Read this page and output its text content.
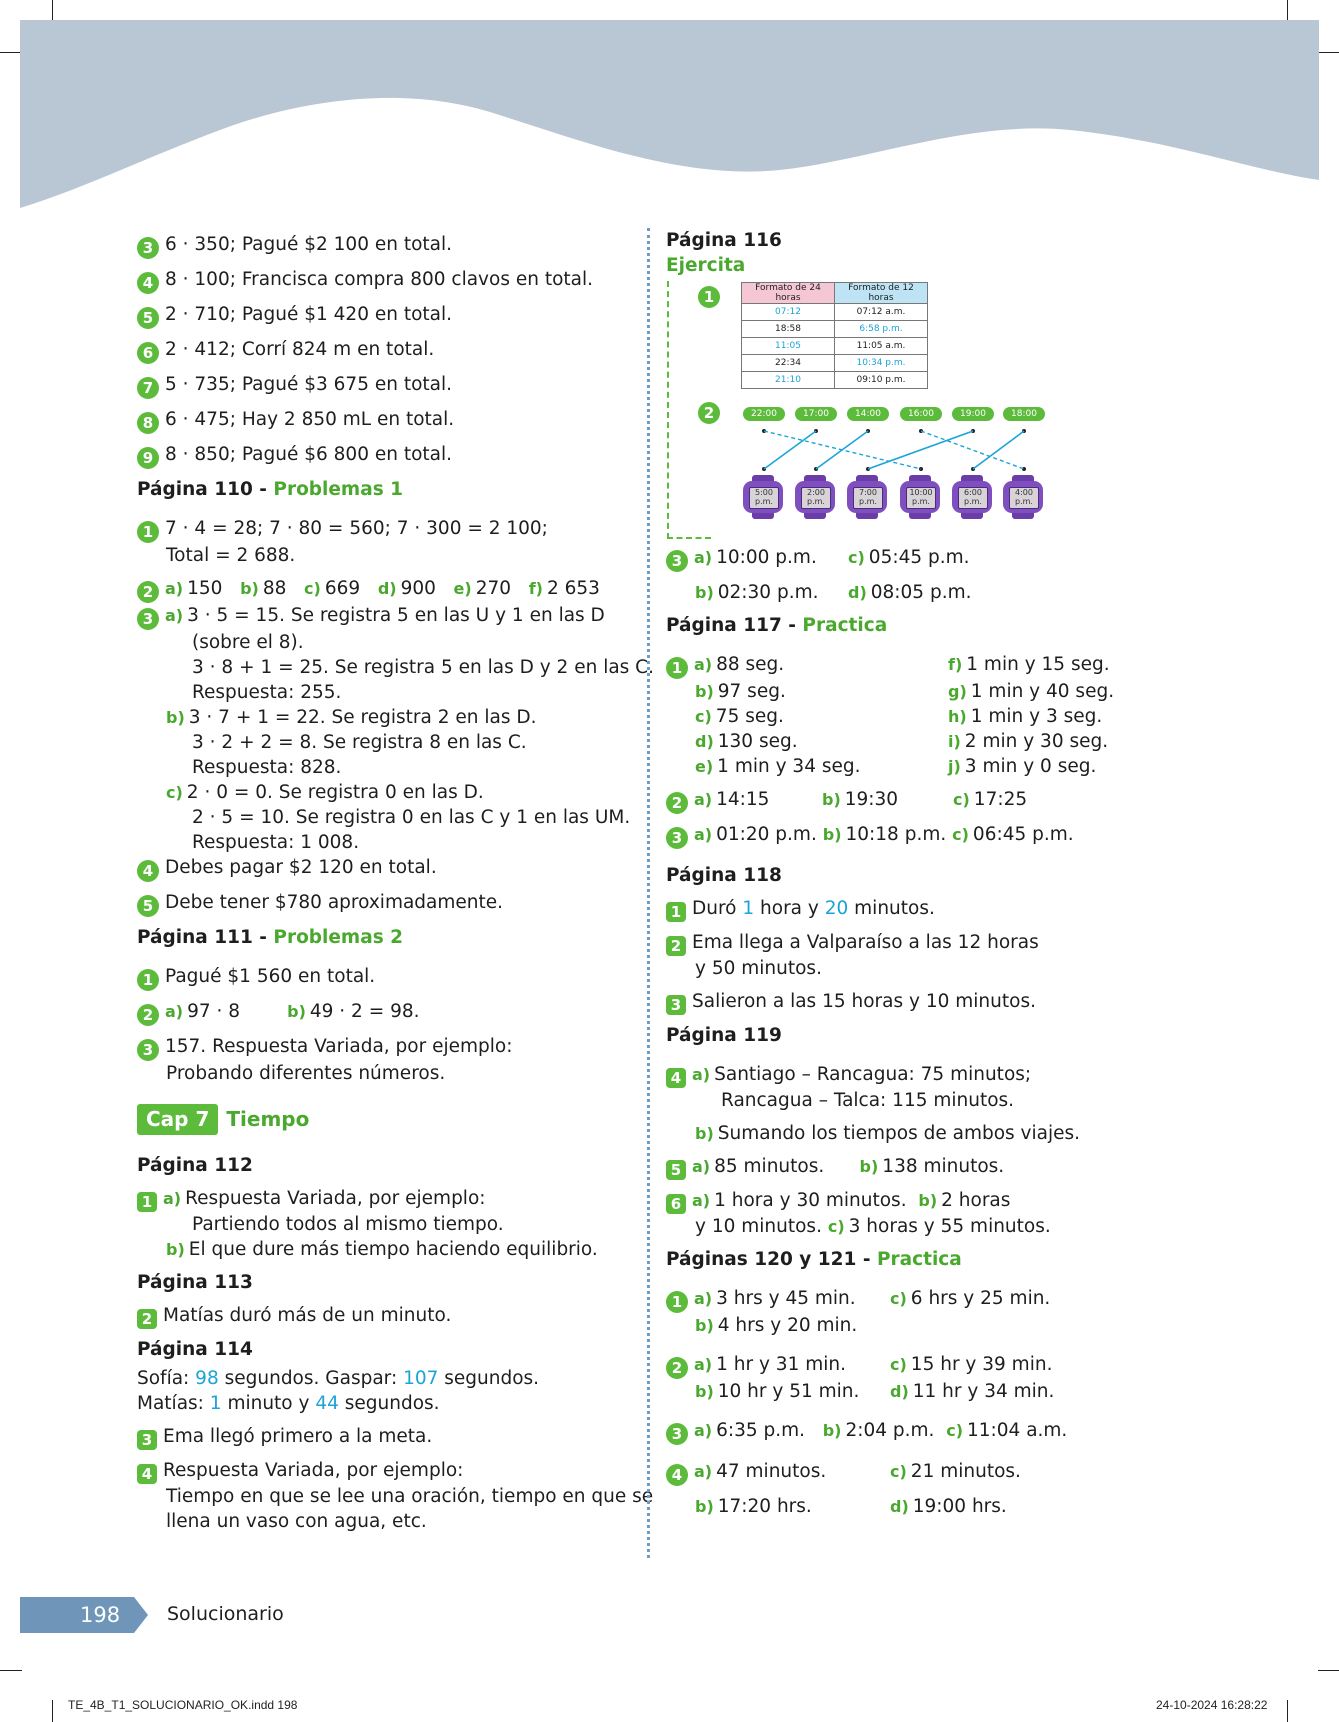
3 6 · 350; Pagué $2 100 en total.
4 8 · 100; Francisca compra 800 clavos en total.
5 2 · 710; Pagué $1 420 en total.
6 2 · 412; Corrí 824 m en total.
7 5 · 735; Pagué $3 675 en total.
8 6 · 475; Hay 2 850 mL en total.
9 8 · 850; Pagué $6 800 en total.
Página 110 - Problemas 1
1 7 · 4 = 28; 7 · 80 = 560; 7 · 300 = 2 100;
Total = 2 688.
2 a) 150 b) 88 c) 669 d) 900 e) 270 f) 2 653
3 a) 3 · 5 = 15. Se registra 5 en las U y 1 en las D
(sobre el 8).
3 · 8 + 1 = 25. Se registra 5 en las D y 2 en las C.
Respuesta: 255.
b) 3 · 7 + 1 = 22. Se registra 2 en las D.
3 · 2 + 2 = 8. Se registra 8 en las C.
Respuesta: 828.
c) 2 · 0 = 0. Se registra 0 en las D.
2 · 5 = 10. Se registra 0 en las C y 1 en las UM.
Respuesta: 1 008.
4 Debes pagar $2 120 en total.
5 Debe tener $780 aproximadamente.
Página 111 - Problemas 2
1 Pagué $1 560 en total.
2 a) 97 · 8	b) 49 · 2 = 98.
3 157. Respuesta Variada, por ejemplo:
Probando diferentes números.
Cap 7 Tiempo
Página 112
1 a) Respuesta Variada, por ejemplo:
Partiendo todos al mismo tiempo.
b) El que dure más tiempo haciendo equilibrio.
Página 113
2 Matías duró más de un minuto.
Página 114
Sofía: 98 segundos. Gaspar: 107 segundos.
Matías: 1 minuto y 44 segundos.
3 Ema llegó primero a la meta.
4 Respuesta Variada, por ejemplo:
Tiempo en que se lee una oración, tiempo en que se
llena un vaso con agua, etc.
Página 116
Ejercita
1	Formato de 24 horas	Formato de 12 horas
07:12	07:12 a.m.
18:58	6:58 p.m.
11:05	11:05 a.m.
22:34	10:34 p.m.
21:10	09:10 p.m.
2	22:00	17:00	14:00	16:00	19:00	18:00
5:00
p.m.
2:00
p.m.
7:00
p.m.
10:00
p.m.
6:00
p.m.
4:00
p.m.
3 a) 10:00 p.m. c) 05:45 p.m.
b) 02:30 p.m. d) 08:05 p.m.
Página 117 - Practica
1 a) 88 seg.	f) 1 min y 15 seg.
b) 97 seg.	g) 1 min y 40 seg.
c) 75 seg.	h) 1 min y 3 seg.
d) 130 seg.	i) 2 min y 30 seg.
e) 1 min y 34 seg.	j) 3 min y 0 seg.
2 a) 14:15	b) 19:30	c) 17:25
3 a) 01:20 p.m. b) 10:18 p.m. c) 06:45 p.m.
Página 118
1 Duró 1 hora y 20 minutos.
2 Ema llega a Valparaíso a las 12 horas
y 50 minutos.
3 Salieron a las 15 horas y 10 minutos.
Página 119
4 a) Santiago – Rancagua: 75 minutos;
Rancagua – Talca: 115 minutos.
b) Sumando los tiempos de ambos viajes.
5 a) 85 minutos. b) 138 minutos.
6 a) 1 hora y 30 minutos. b) 2 horas
y 10 minutos. c) 3 horas y 55 minutos.
Páginas 120 y 121 - Practica
1 a) 3 hrs y 45 min. c) 6 hrs y 25 min.
b) 4 hrs y 20 min.
2 a) 1 hr y 31 min.	c) 15 hr y 39 min.
b) 10 hr y 51 min. d) 11 hr y 34 min.
3 a) 6:35 p.m. b) 2:04 p.m. c) 11:04 a.m.
4 a) 47 minutos.	c) 21 minutos.
b) 17:20 hrs.	d) 19:00 hrs.
198 Solucionario
TE_4B_T1_SOLUCIONARIO_OK.indd 198	24-10-2024 16:28:22
